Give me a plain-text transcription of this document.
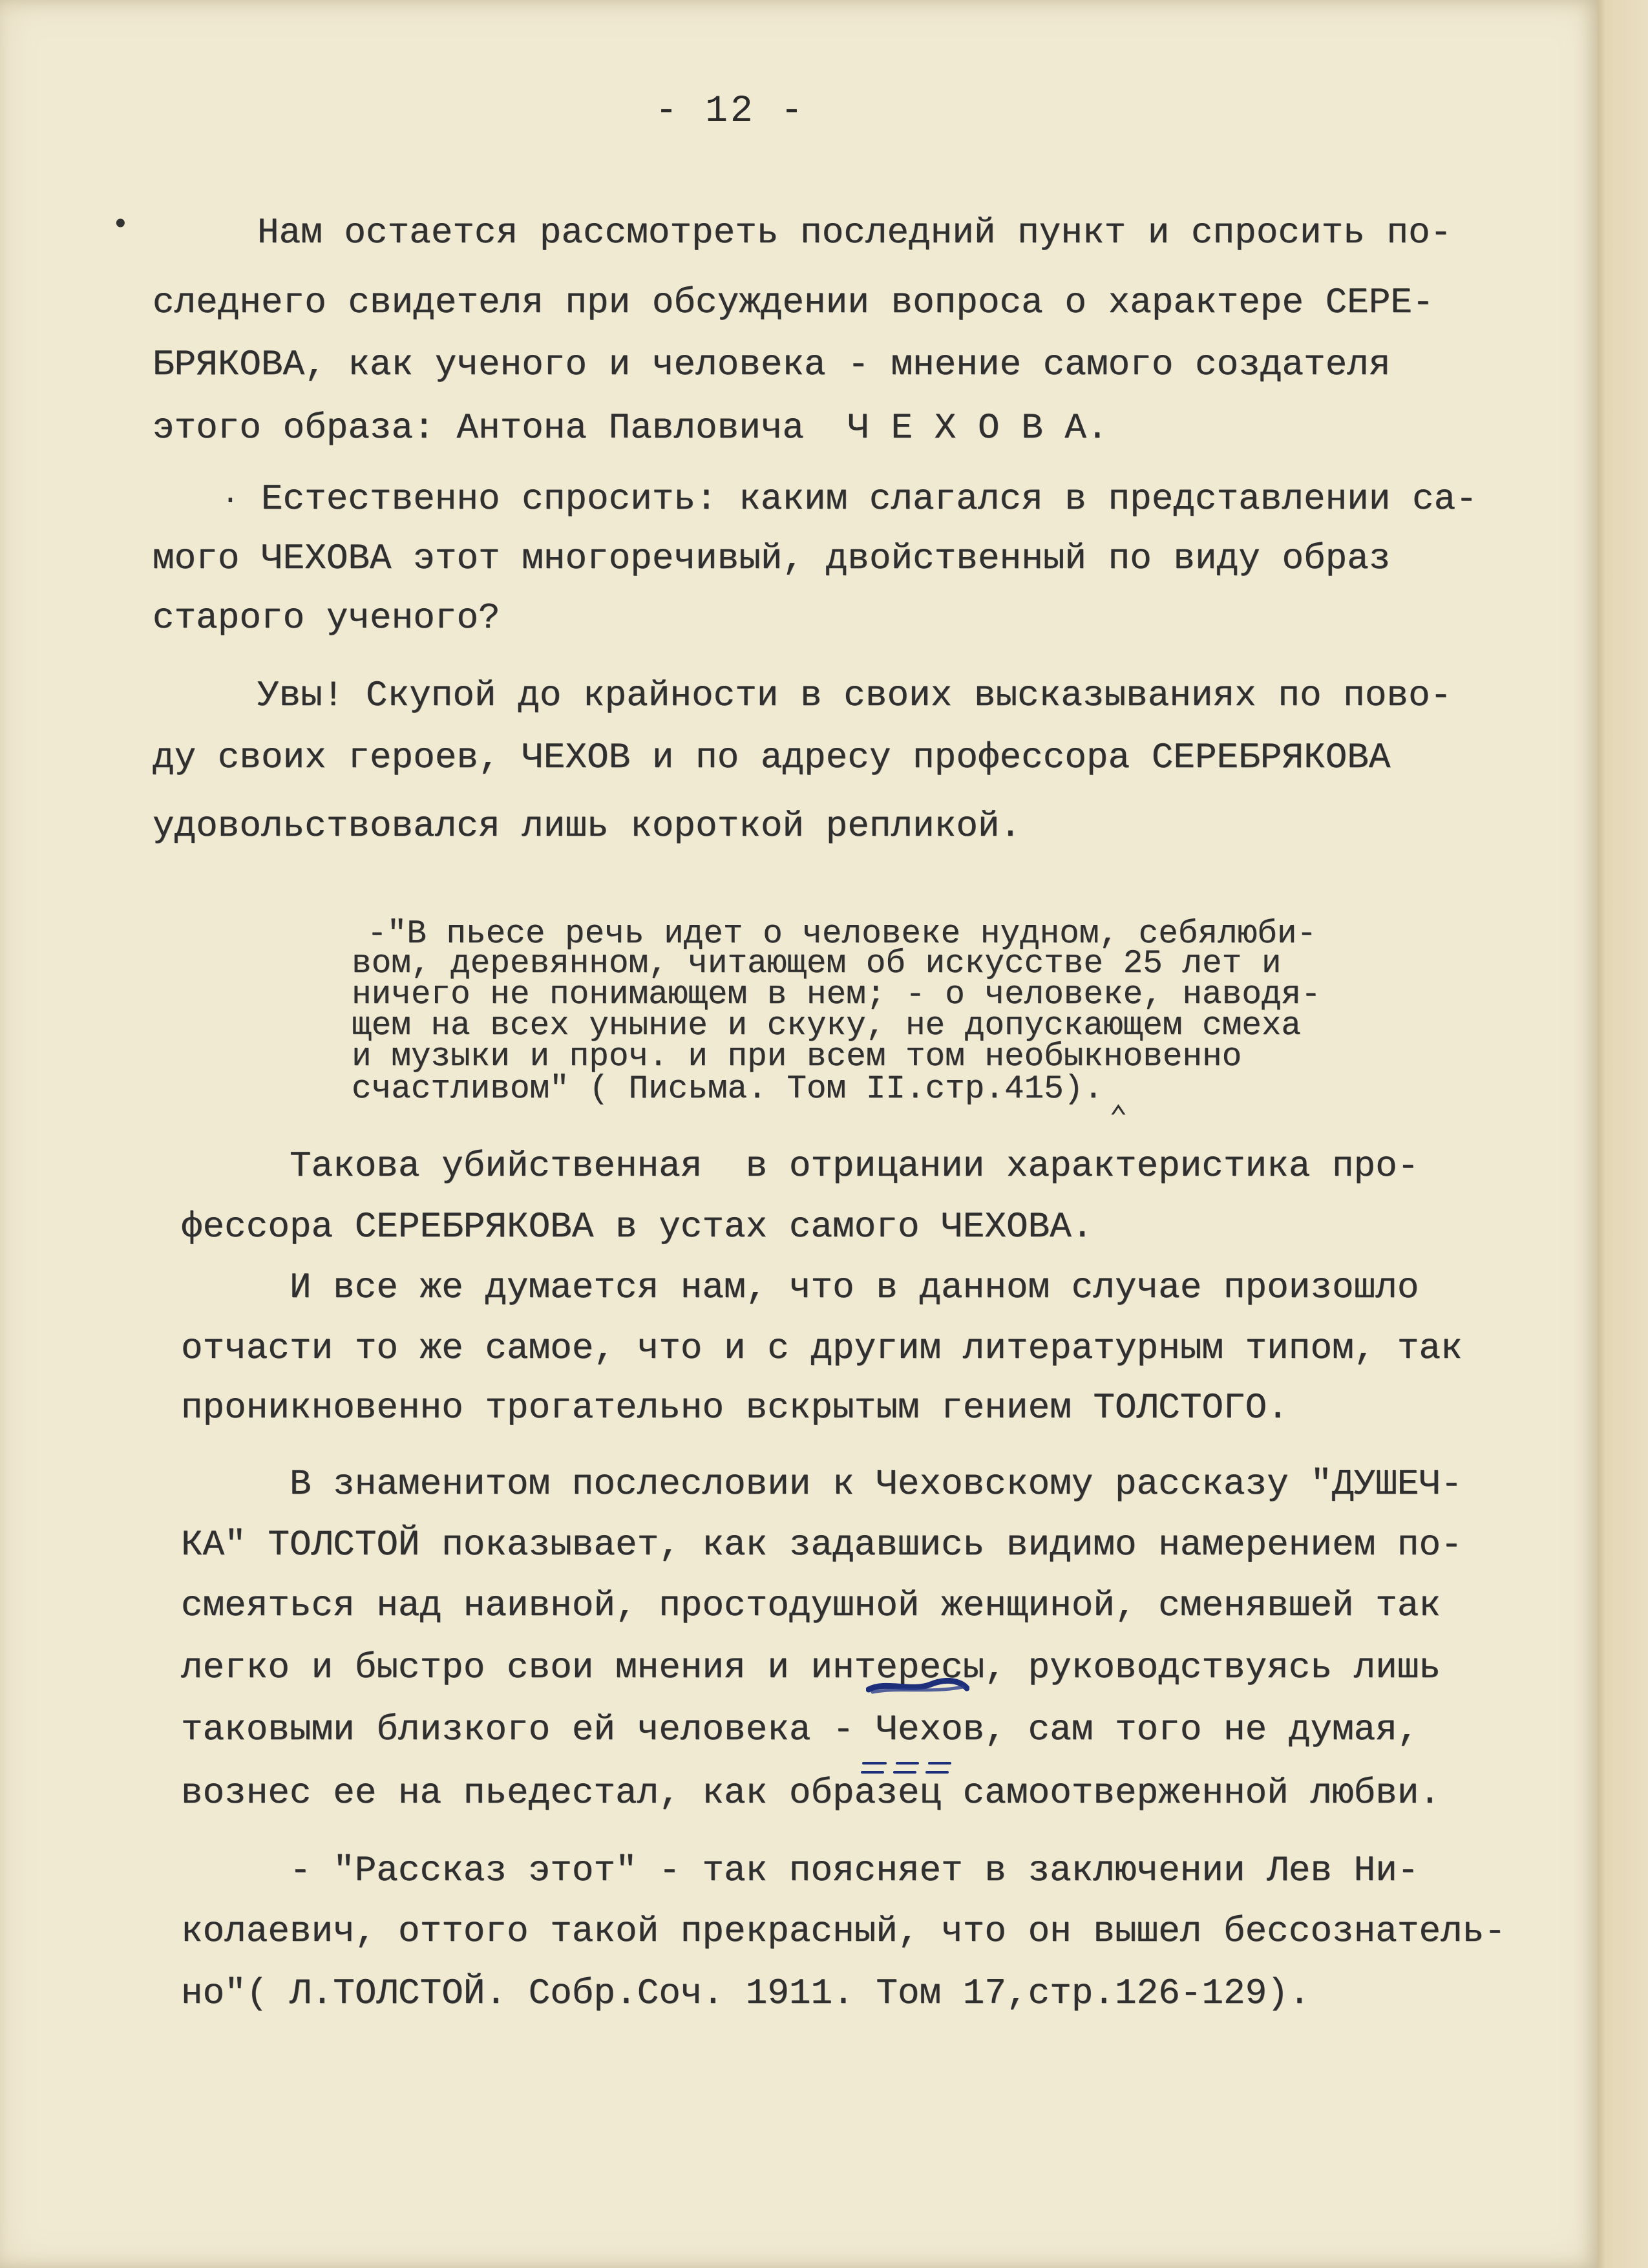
- 12 -
•
.

Нам остается рассмотреть последний пункт и спросить по-

следнего свидетеля при обсуждении вопроса о характере СЕРЕ-

БРЯКОВА, как ученого и человека - мнение самого создателя

этого образа: Антона Павловича  Ч Е Х О В А.

Естественно спросить: каким слагался в представлении са-

мого ЧЕХОВА этот многоречивый, двойственный по виду образ

старого ученого?

Увы! Скупой до крайности в своих высказываниях по пово-

ду своих героев, ЧЕХОВ и по адресу профессора СЕРЕБРЯКОВА

удовольствовался лишь короткой репликой.

-"В пьесе речь идет о человеке нудном, себялюби-

вом, деревянном, читающем об искусстве 25 лет и

ничего не понимающем в нем; - о человеке, наводя-

щем на всех уныние и скуку, не допускающем смеха

и музыки и проч. и при всем том необыкновенно

счастливом" ( Письма. Том II.стр.415).

⌃

Такова убийственная  в отрицании характеристика про-

фессора СЕРЕБРЯКОВА в устах самого ЧЕХОВА.

И все же думается нам, что в данном случае произошло

отчасти то же самое, что и с другим литературным типом, так

проникновенно трогательно вскрытым гением ТОЛСТОГО.

В знаменитом послесловии к Чеховскому рассказу "ДУШЕЧ-

КА" ТОЛСТОЙ показывает, как задавшись видимо намерением по-

смеяться над наивной, простодушной женщиной, сменявшей так

легко и быстро свои мнения и интересы, руководствуясь лишь

таковыми близкого ей человека - Чехов, сам того не думая,

вознес ее на пьедестал, как образец самоотверженной любви.

- "Рассказ этот" - так поясняет в заключении Лев Ни-

колаевич, оттого такой прекрасный, что он вышел бессознатель-

но"( Л.ТОЛСТОЙ. Собр.Соч. 1911. Том 17,стр.126-129).
